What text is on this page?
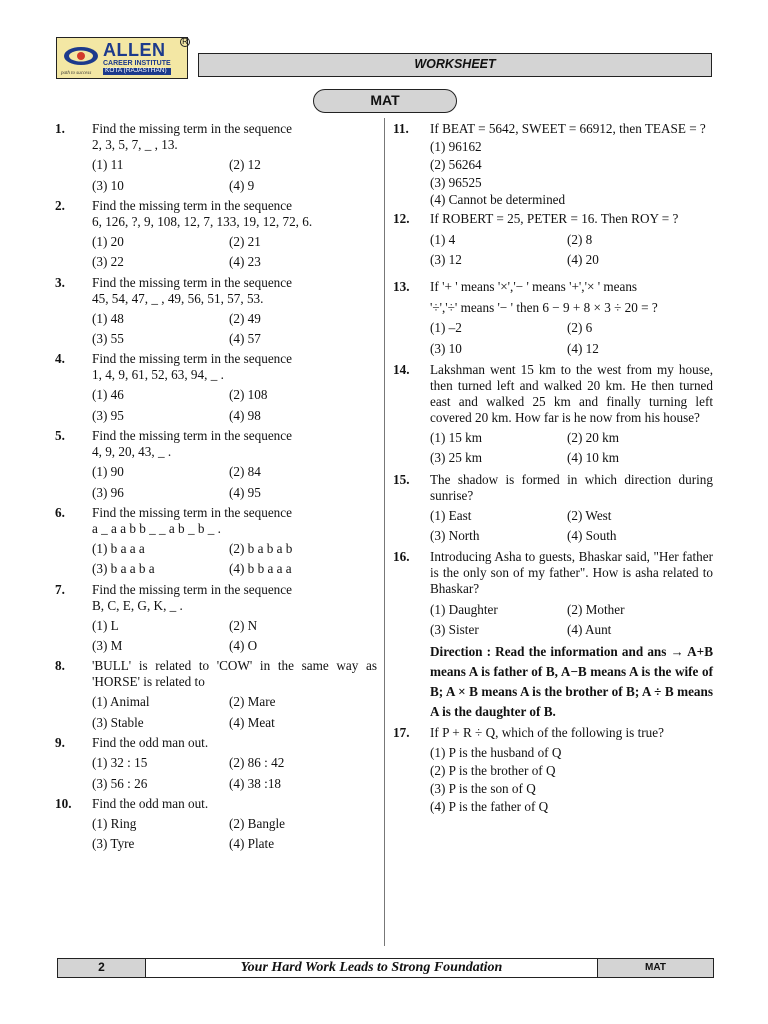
ALLEN
CAREER INSTITUTE
KOTA (RAJASTHAN)
path to success
R
WORKSHEET
MAT
1. Find the missing term in the sequence
2, 3, 5, 7, _ , 13.
(1) 11	(2) 12
(3) 10	(4) 9
2. Find the missing term in the sequence
6, 126, ?, 9, 108, 12, 7, 133, 19, 12, 72, 6.
(1) 20	(2) 21
(3) 22	(4) 23
3. Find the missing term in the sequence
45, 54, 47, _ , 49, 56, 51, 57, 53.
(1) 48	(2) 49
(3) 55	(4) 57
4. Find the missing term in the sequence
1, 4, 9, 61, 52, 63, 94, _ .
(1) 46	(2) 108
(3) 95	(4) 98
5. Find the missing term in the sequence
4, 9, 20, 43, _ .
(1) 90	(2) 84
(3) 96	(4) 95
6. Find the missing term in the sequence
a _ a a b b _ _ a b _ b _ .
(1) b a a a	(2) b a b a b
(3) b a a b a	(4) b b a a a
7. Find the missing term in the sequence
B, C, E, G, K, _ .
(1) L	(2) N
(3) M	(4) O
8. 'BULL' is related to 'COW' in the same way as 'HORSE' is related to
(1) Animal	(2) Mare
(3) Stable	(4) Meat
9. Find the odd man out.
(1) 32 : 15	(2) 86 : 42
(3) 56 : 26	(4) 38 :18
10. Find the odd man out.
(1) Ring	(2) Bangle
(3) Tyre	(4) Plate
11. If BEAT = 5642, SWEET = 66912, then TEASE = ?
(1) 96162
(2) 56264
(3) 96525
(4) Cannot be determined
12. If ROBERT = 25, PETER = 16. Then ROY = ?
(1) 4	(2) 8
(3) 12	(4) 20
13. If '+ ' means '×','− ' means '+','× ' means
'÷','÷' means '− ' then 6 − 9 + 8 × 3 ÷ 20 = ?
(1) –2	(2) 6
(3) 10	(4) 12
14. Lakshman went 15 km to the west from my house, then turned left and walked 20 km. He then turned east and walked 25 km and finally turning left covered 20 km. How far is he now from his house?
(1) 15 km	(2) 20 km
(3) 25 km	(4) 10 km
15. The shadow is formed in which direction during sunrise?
(1) East	(2) West
(3) North	(4) South
16. Introducing Asha to guests, Bhaskar said, "Her father is the only son of my father". How is asha related to Bhaskar?
(1) Daughter	(2) Mother
(3) Sister	(4) Aunt
Direction : Read the information and ans → A+B means A is father of B, A−B means A is the wife of B; A × B means A is the brother of B; A ÷ B means A is the daughter of B.
17. If P + R ÷ Q, which of the following is true?
(1) P is the husband of Q
(2) P is the brother of Q
(3) P is the son of Q
(4) P is the father of Q
2	Your Hard Work Leads to Strong Foundation	MAT
